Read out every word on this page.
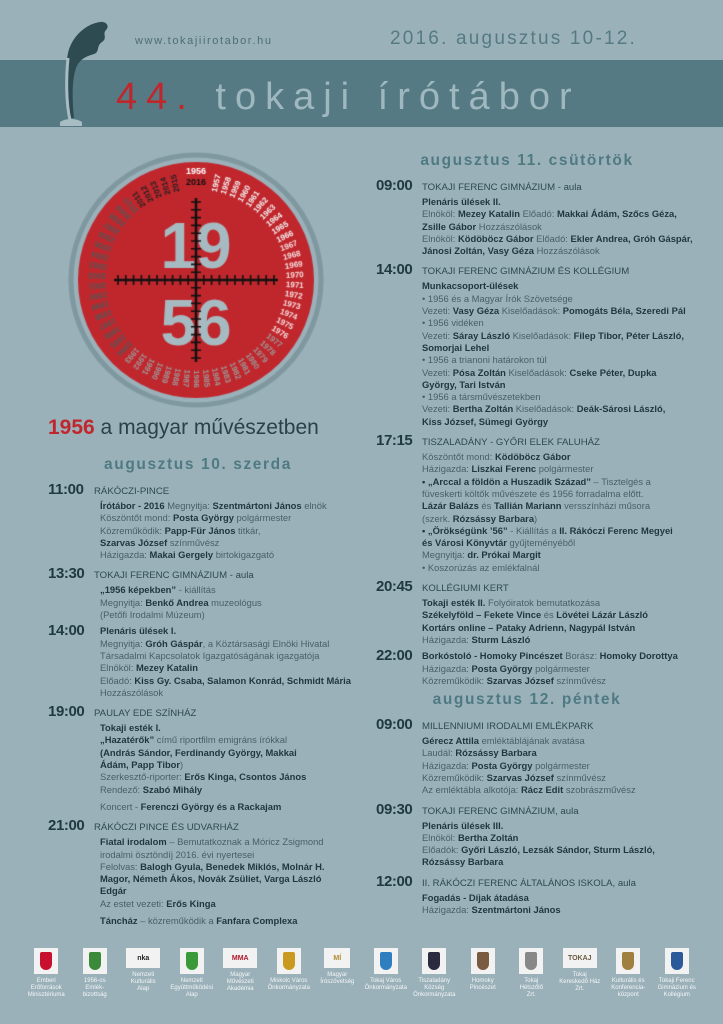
www.tokajiirotabor.hu	2016. augusztus 10-12.
44. tokaji írótábor
1956 a magyar művészetben
augusztus 10. szerda
11:00	RÁKÓCZI-PINCE
Írótábor - 2016 Megnyitja: Szentmártoni János elnök
Köszöntőt mond: Posta György polgármester
Közreműködik: Papp-Für János titkár,
Szarvas József színművész
Házigazda: Makai Gergely birtokigazgató
13:30	TOKAJI FERENC GIMNÁZIUM - aula
„1956 képekben” - kiállítás
Megnyitja: Benkő Andrea muzeológus
(Petőfi Irodalmi Múzeum)
14:00	Plenáris ülések I.
Megnyitja: Gróh Gáspár, a Köztársasági Elnöki Hivatal
Társadalmi Kapcsolatok Igazgatóságának igazgatója
Elnököl: Mezey Katalin
Előadó: Kiss Gy. Csaba, Salamon Konrád, Schmidt Mária
Hozzászólások
19:00	PAULAY EDE SZÍNHÁZ
Tokaji esték I.
„Hazatérők” című riportfilm emigráns írókkal
(András Sándor, Ferdinandy György, Makkai
Ádám, Papp Tibor)
Szerkesztő-riporter: Erős Kinga, Csontos János
Rendező: Szabó Mihály
Koncert - Ferenczi György és a Rackajam
21:00	RÁKÓCZI PINCE ÉS UDVARHÁZ
Fiatal irodalom – Bemutatkoznak a Móricz Zsigmond
irodalmi ösztöndíj 2016. évi nyertesei
Felolvas: Balogh Gyula, Benedek Miklós, Molnár H.
Magor, Németh Ákos, Novák Zsüliet, Varga László
Edgár
Az estet vezeti: Erős Kinga
Táncház – közreműködik a Fanfara Complexa
augusztus 11. csütörtök
09:00	TOKAJI FERENC GIMNÁZIUM - aula
Plenáris ülések II.
Elnököl: Mezey Katalin Előadó: Makkai Ádám, Szőcs Géza,
Zsille Gábor Hozzászólások
Elnököl: Ködöböcz Gábor Előadó: Ekler Andrea, Gróh Gáspár,
Jánosi Zoltán, Vasy Géza Hozzászólások
14:00	TOKAJI FERENC GIMNÁZIUM ÉS KOLLÉGIUM
Munkacsoport-ülések
• 1956 és a Magyar Írók Szövetsége
Vezeti: Vasy Géza Kiselőadások: Pomogáts Béla, Szeredi Pál
• 1956 vidéken
Vezeti: Sáray László Kiselőadások: Filep Tibor, Péter László,
Somorjai Lehel
• 1956 a trianoni határokon túl
Vezeti: Pósa Zoltán Kiselőadások: Cseke Péter, Dupka
György, Tari István
• 1956 a társművészetekben
Vezeti: Bertha Zoltán Kiselőadások: Deák-Sárosi László,
Kiss József, Sümegi György
17:15	TISZALADÁNY - GYŐRI ELEK FALUHÁZ
Köszöntőt mond: Ködöböcz Gábor
Házigazda: Liszkai Ferenc polgármester
• „Arccal a földön a Huszadik Század” – Tisztelgés a
füveskerti költők művészete és 1956 forradalma előtt.
Lázár Balázs és Tallián Mariann versszínházi műsora
(szerk. Rózsássy Barbara)
• „Örökségünk ’56” - Kiállítás a II. Rákóczi Ferenc Megyei
és Városi Könyvtár gyűjteményéből
Megnyitja: dr. Prókai Margit
• Koszorúzás az emlékfalnál
20:45	KOLLÉGIUMI KERT
Tokaji esték II. Folyóiratok bemutatkozása
Székelyföld – Fekete Vince és Lövétei Lázár László
Kortárs online – Pataky Adrienn, Nagypál István
Házigazda: Sturm László
22:00	Borkóstoló - Homoky Pincészet Borász: Homoky Dorottya
Házigazda: Posta György polgármester
Közreműködik: Szarvas József színművész
augusztus 12. péntek
09:00	MILLENNIUMI IRODALMI EMLÉKPARK
Gérecz Attila emléktáblájának avatása
Laudál: Rózsássy Barbara
Házigazda: Posta György polgármester
Közreműködik: Szarvas József színművész
Az emléktábla alkotója: Rácz Edit szobrászművész
09:30	TOKAJI FERENC GIMNÁZIUM, aula
Plenáris ülések III.
Elnököl: Bertha Zoltán
Előadók: Győri László, Lezsák Sándor, Sturm László,
Rózsássy Barbara
12:00	II. RÁKÓCZI FERENC ÁLTALÁNOS ISKOLA, aula
Fogadás - Díjak átadása
Házigazda: Szentmártoni János
Emberi
Erőforrások
Minisztériuma
1956-os
Emlék-
bizottság
nka
Nemzeti
Kulturális
Alap
Nemzeti
Együttműködési
Alap
MMA
Magyar
Művészeti
Akadémia
Miskolc Város
Önkormányzata
MÍ
Magyar
Írószövetség	Tokaj Város
Önkormányzata
Tiszaladány Község
Önkormányzata
Homoky
Pincészet
Tokaj
Hétszőlő
Zrt.
TOKAJ
Tokaj
Kereskedő Ház
Zrt.
Kulturális és
Konferencia-
központ
Tokaji Ferenc
Gimnázium és
Kollégium
